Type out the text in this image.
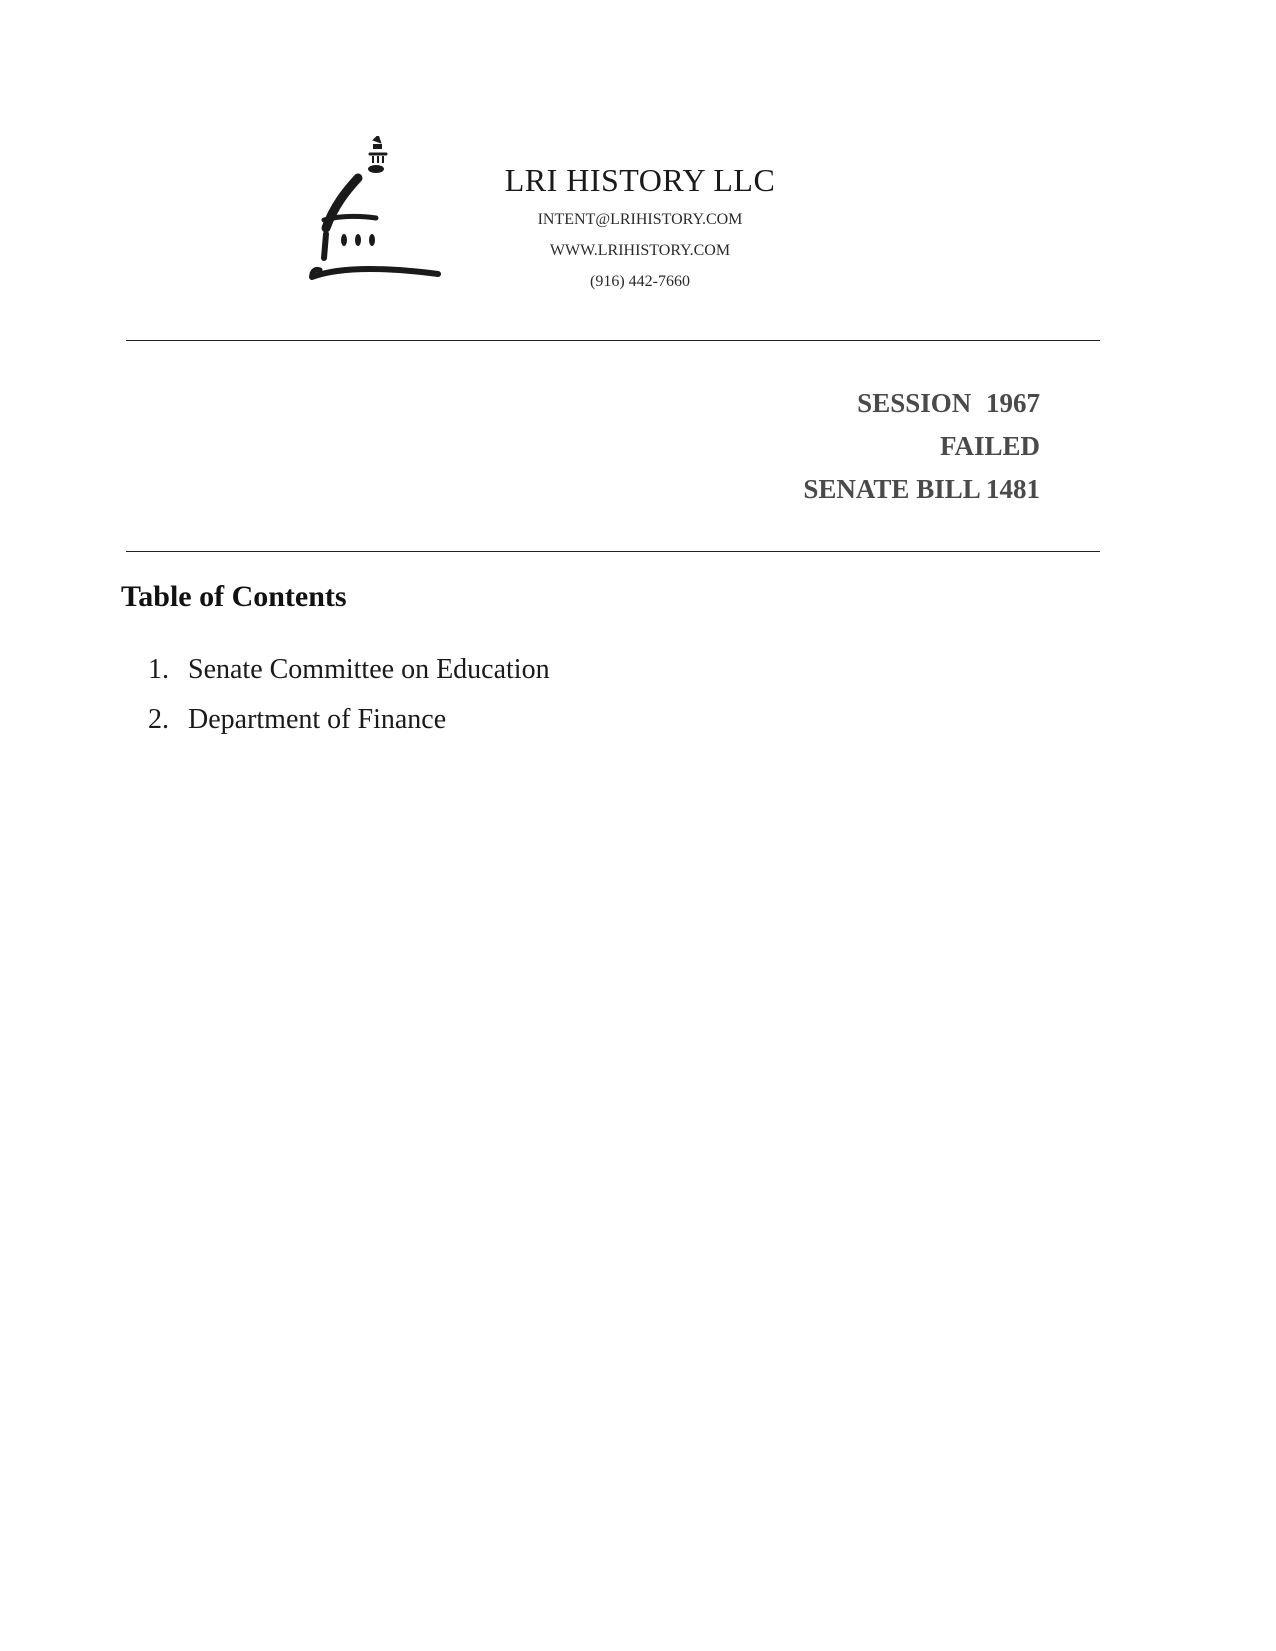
LRI HISTORY LLC
INTENT@LRIHISTORY.COM
WWW.LRIHISTORY.COM
(916) 442-7660
SESSION 1967
FAILED
SENATE BILL 1481
Table of Contents
1. Senate Committee on Education
2. Department of Finance
